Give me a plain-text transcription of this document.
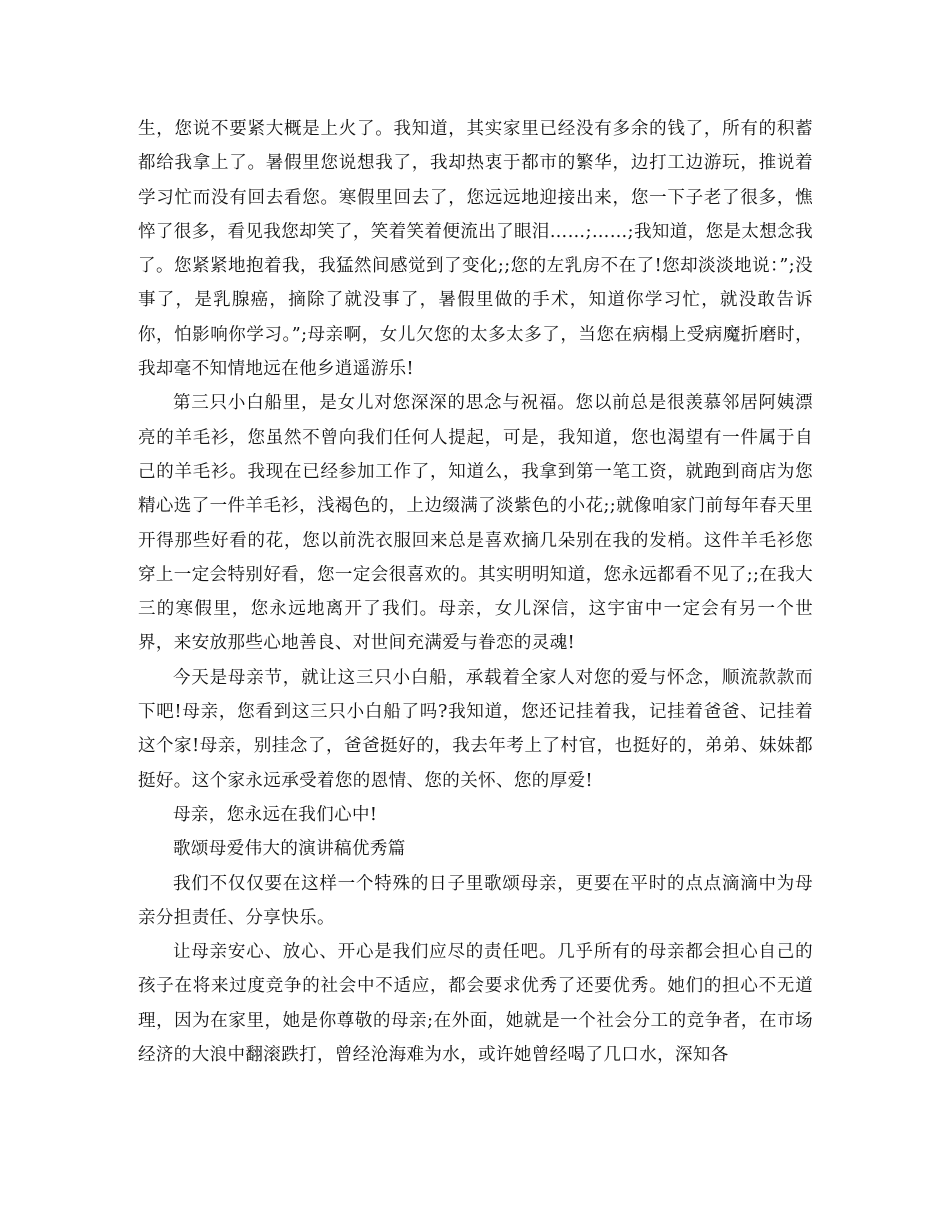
生，您说不要紧大概是上火了。我知道，其实家里已经没有多余的钱了，所有的积蓄都给我拿上了。暑假里您说想我了，我却热衷于都市的繁华，边打工边游玩，推说着学习忙而没有回去看您。寒假里回去了，您远远地迎接出来，您一下子老了很多，憔悴了很多，看见我您却笑了，笑着笑着便流出了眼泪……;……;我知道，您是太想念我了。您紧紧地抱着我，我猛然间感觉到了变化;;您的左乳房不在了!您却淡淡地说：”;没事了，是乳腺癌，摘除了就没事了，暑假里做的手术，知道你学习忙，就没敢告诉你，怕影响你学习。”;母亲啊，女儿欠您的太多太多了，当您在病榻上受病魔折磨时，我却毫不知情地远在他乡逍遥游乐!

第三只小白船里，是女儿对您深深的思念与祝福。您以前总是很羡慕邻居阿姨漂亮的羊毛衫，您虽然不曾向我们任何人提起，可是，我知道，您也渴望有一件属于自己的羊毛衫。我现在已经参加工作了，知道么，我拿到第一笔工资，就跑到商店为您精心选了一件羊毛衫，浅褐色的，上边缀满了淡紫色的小花;;就像咱家门前每年春天里开得那些好看的花，您以前洗衣服回来总是喜欢摘几朵别在我的发梢。这件羊毛衫您穿上一定会特别好看，您一定会很喜欢的。其实明明知道，您永远都看不见了;;在我大三的寒假里，您永远地离开了我们。母亲，女儿深信，这宇宙中一定会有另一个世界，来安放那些心地善良、对世间充满爱与眷恋的灵魂!

今天是母亲节，就让这三只小白船，承载着全家人对您的爱与怀念，顺流款款而下吧!母亲，您看到这三只小白船了吗?我知道，您还记挂着我，记挂着爸爸、记挂着这个家!母亲，别挂念了，爸爸挺好的，我去年考上了村官，也挺好的，弟弟、妹妹都挺好。这个家永远承受着您的恩情、您的关怀、您的厚爱!

母亲，您永远在我们心中!

歌颂母爱伟大的演讲稿优秀篇

我们不仅仅要在这样一个特殊的日子里歌颂母亲，更要在平时的点点滴滴中为母亲分担责任、分享快乐。

让母亲安心、放心、开心是我们应尽的责任吧。几乎所有的母亲都会担心自己的孩子在将来过度竞争的社会中不适应，都会要求优秀了还要优秀。她们的担心不无道理，因为在家里，她是你尊敬的母亲;在外面，她就是一个社会分工的竞争者，在市场经济的大浪中翻滚跌打，曾经沧海难为水，或许她曾经喝了几口水，深知各
